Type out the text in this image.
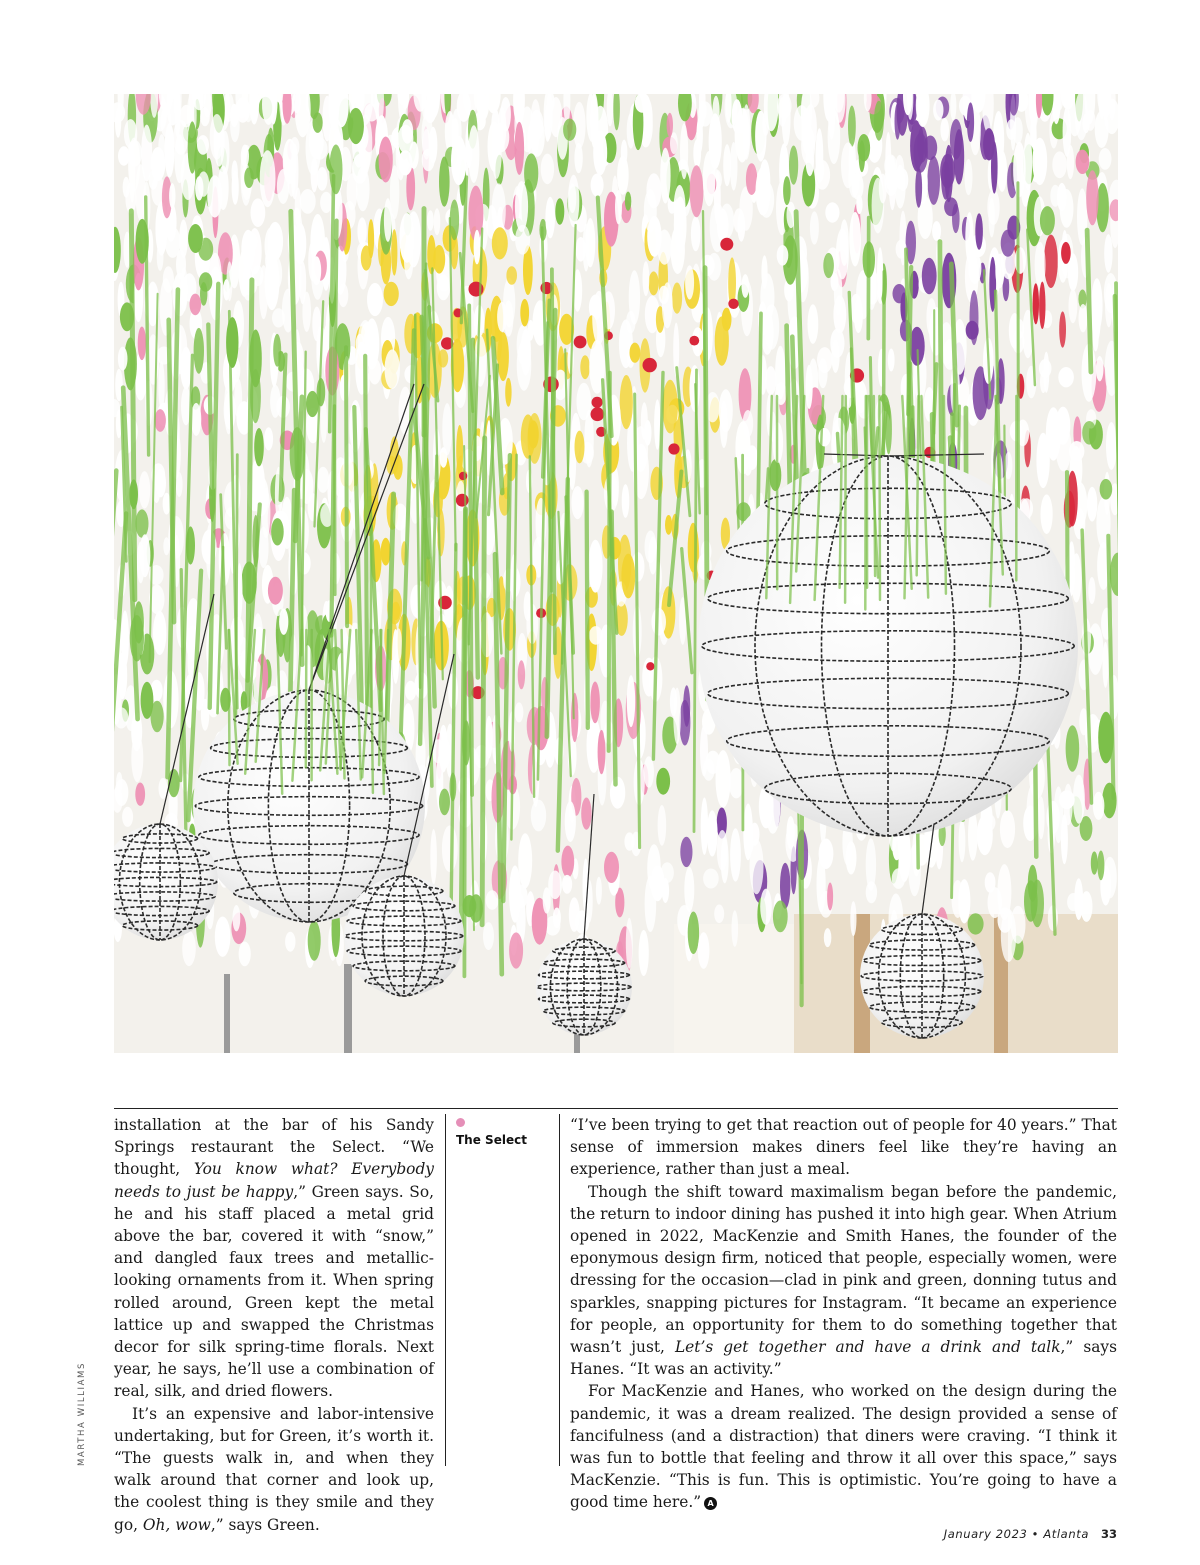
MARTHA WILLIAMS

installation at the bar of his Sandy Springs restaurant the Select. “We thought, You know what? Everybody needs to just be happy,” Green says. So, he and his staff placed a metal grid above the bar, covered it with “snow,” and dangled faux trees and metallic-looking ornaments from it. When spring rolled around, Green kept the metal lattice up and swapped the Christmas decor for silk spring-time florals. Next year, he says, he’ll use a combination of real, silk, and dried flowers.

It’s an expensive and labor-intensive undertaking, but for Green, it’s worth it. “The guests walk in, and when they walk around that corner and look up, the coolest thing is they smile and they go, Oh, wow,” says Green.

The Select

“I’ve been trying to get that reaction out of people for 40 years.” That sense of immersion makes diners feel like they’re having an experience, rather than just a meal.

Though the shift toward maximalism began before the pandemic, the return to indoor dining has pushed it into high gear. When Atrium opened in 2022, MacKenzie and Smith Hanes, the founder of the eponymous design firm, noticed that people, especially women, were dressing for the occasion—clad in pink and green, donning tutus and sparkles, snapping pictures for Instagram. “It became an experience for people, an opportunity for them to do something together that wasn’t just, Let’s get together and have a drink and talk,” says Hanes. “It was an activity.”

For MacKenzie and Hanes, who worked on the design during the pandemic, it was a dream realized. The design provided a sense of fancifulness (and a distraction) that diners were craving. “I think it was fun to bottle that feeling and throw it all over this space,” says MacKenzie. “This is fun. This is optimistic. You’re going to have a good time here.” A

January 2023 • Atlanta 33
